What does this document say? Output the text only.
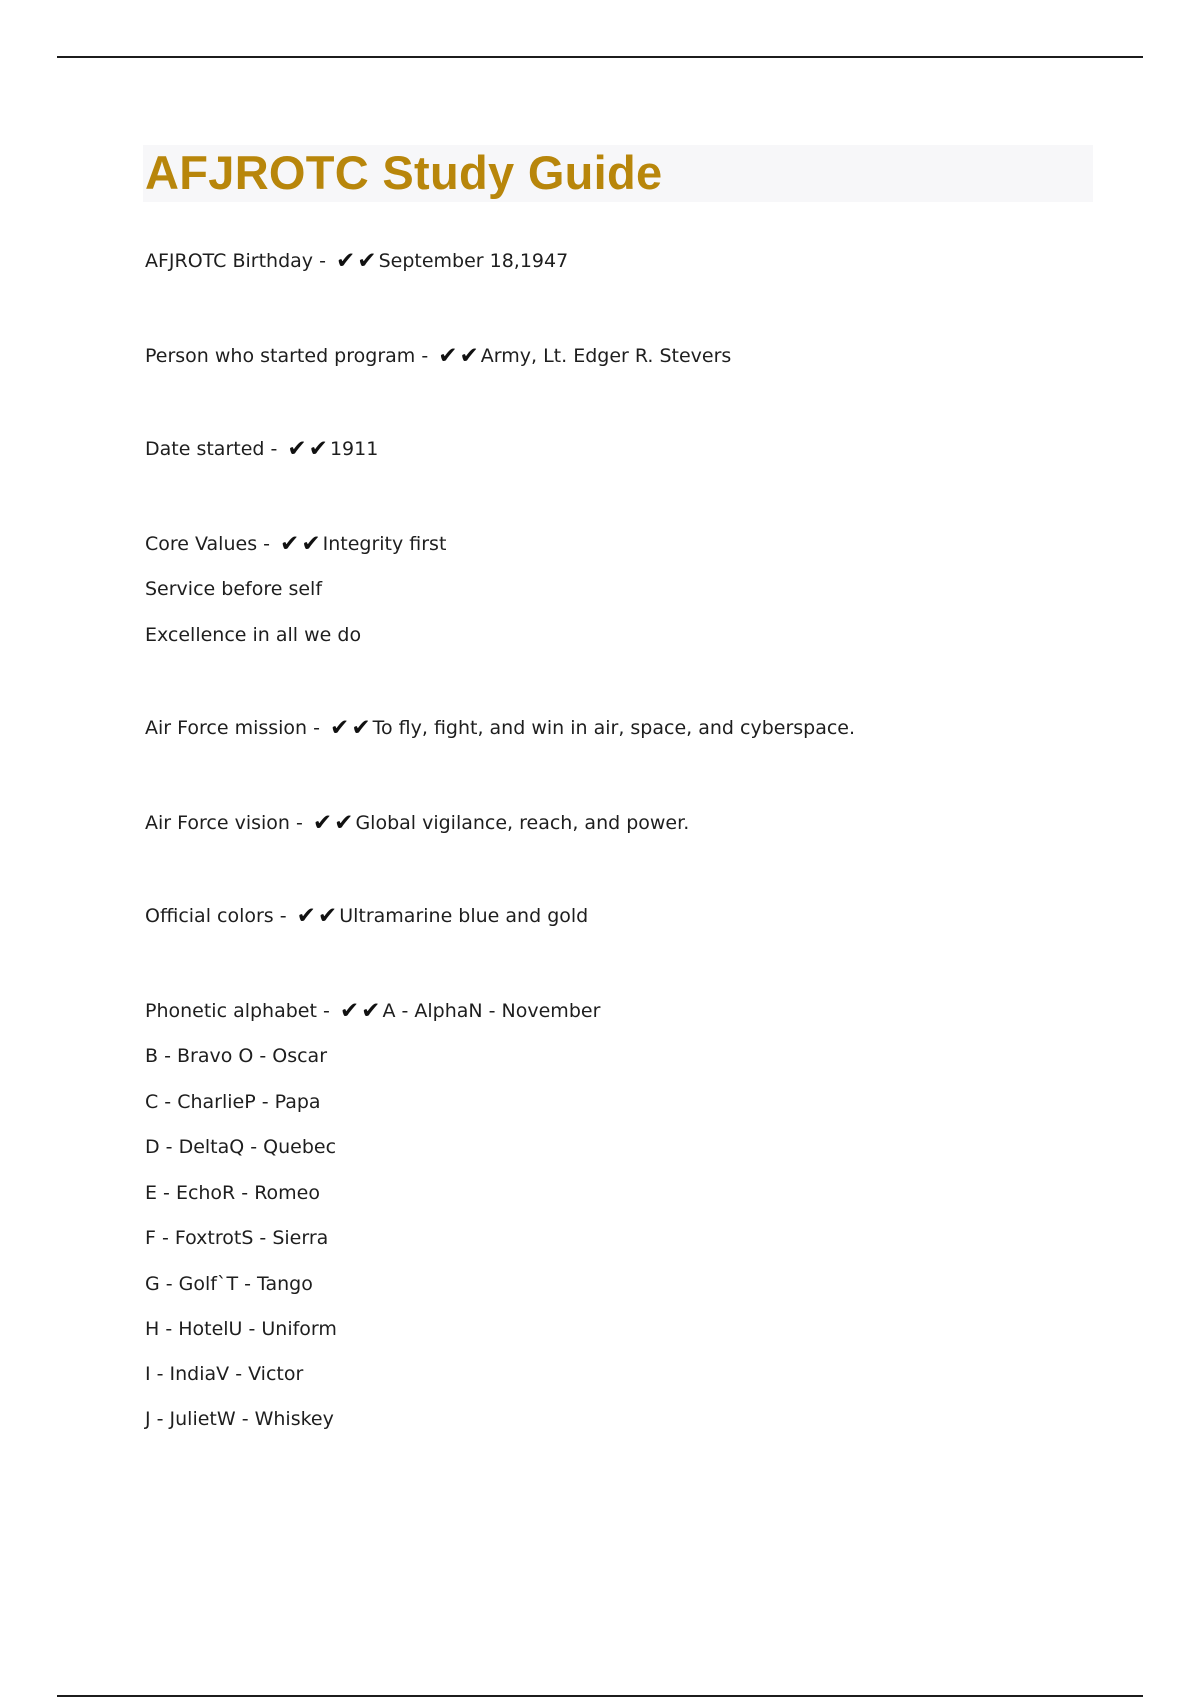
AFJROTC Study Guide

AFJROTC Birthday - ✔✔ September 18,1947

Person who started program - ✔✔ Army, Lt. Edger R. Stevers

Date started - ✔✔ 1911

Core Values - ✔✔ Integrity first

Service before self

Excellence in all we do

Air Force mission - ✔✔ To fly, fight, and win in air, space, and cyberspace.

Air Force vision - ✔✔ Global vigilance, reach, and power.

Official colors - ✔✔ Ultramarine blue and gold

Phonetic alphabet - ✔✔ A - AlphaN - November

B - Bravo O - Oscar

C - CharlieP - Papa

D - DeltaQ - Quebec

E - EchoR - Romeo

F - FoxtrotS - Sierra

G - Golf`T - Tango

H - HotelU - Uniform

I - IndiaV - Victor

J - JulietW - Whiskey
